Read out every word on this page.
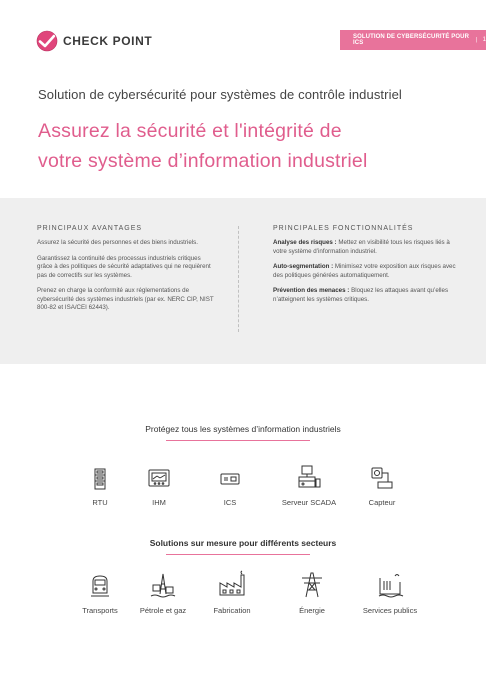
CHECK POINT	SOLUTION DE CYBERSÉCURITÉ POUR ICS	| 1
Solution de cybersécurité pour systèmes de contrôle industriel
Assurez la sécurité et l'intégrité de
votre système d’information industriel
PRINCIPAUX AVANTAGES

Assurez la sécurité des personnes et des biens industriels.

Garantissez la continuité des processus industriels critiques grâce à des politiques de sécurité adaptatives qui ne requièrent pas de correctifs sur les systèmes.

Prenez en charge la conformité aux réglementations de cybersécurité des systèmes industriels (par ex. NERC CIP, NIST 800-82 et ISA/CEI 62443).

PRINCIPALES FONCTIONNALITÉS

Analyse des risques : Mettez en visibilité tous les risques liés à votre système d’information industriel.

Auto-segmentation : Minimisez votre exposition aux risques avec des politiques générées automatiquement.

Prévention des menaces : Bloquez les attaques avant qu’elles n’atteignent les systèmes critiques.

Protégez tous les systèmes d’information industriels
RTU	IHM	ICS	Serveur SCADA	Capteur
Solutions sur mesure pour différents secteurs
Transports	Pétrole et gaz	Fabrication	Énergie	Services publics
